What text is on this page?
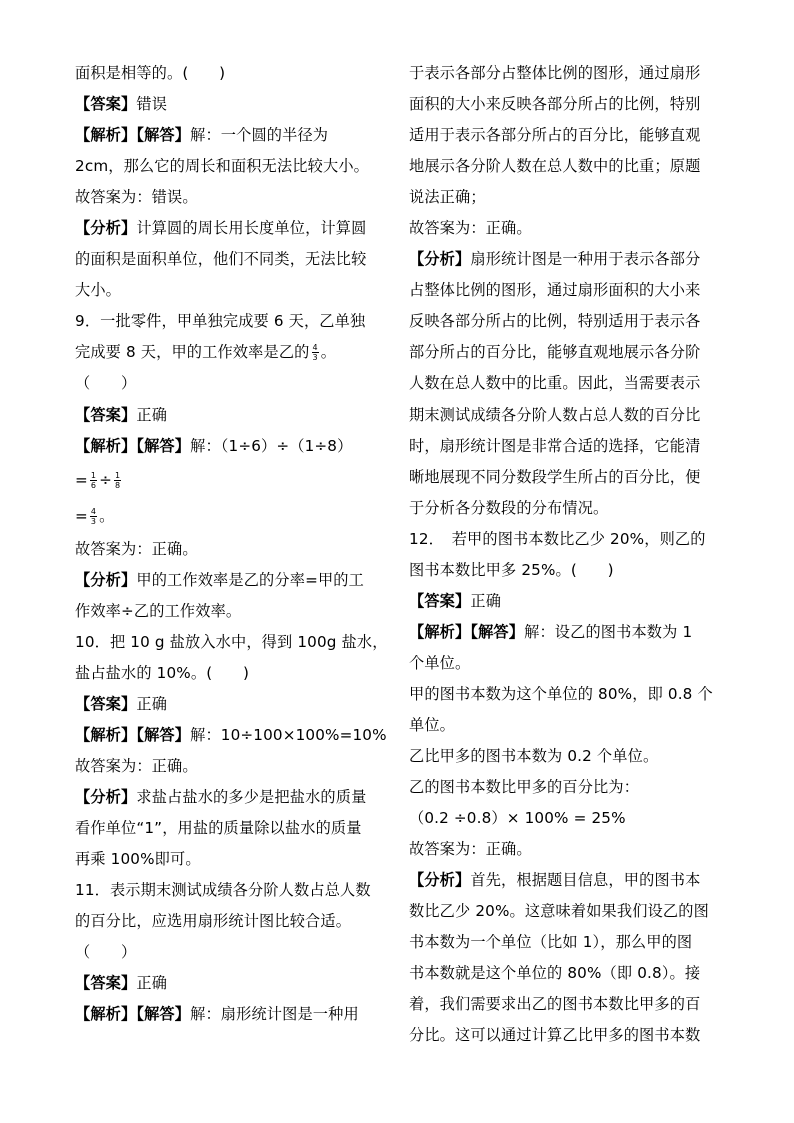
面积是相等的。(　　)
【答案】错误
【解析】【解答】解：一个圆的半径为
2cm，那么它的周长和面积无法比较大小。
故答案为：错误。
【分析】计算圆的周长用长度单位，计算圆
的面积是面积单位，他们不同类，无法比较
大小。
9．一批零件，甲单独完成要 6 天，乙单独
完成要 8 天，甲的工作效率是乙的 $\frac{4}{3}$ 。
（　　）
【答案】正确
【解析】【解答】解：（1÷6）÷（1÷8）
= $\frac{1}{6} \div \frac{1}{8}$
= $\frac{4}{3}$ 。
故答案为：正确。
【分析】甲的工作效率是乙的分率=甲的工
作效率÷乙的工作效率。
10．把 10 g 盐放入水中，得到 100g 盐水，
盐占盐水的 10%。(　　)
【答案】正确
【解析】【解答】解：10÷100×100%=10%
故答案为：正确。
【分析】求盐占盐水的多少是把盐水的质量
看作单位“1”，用盐的质量除以盐水的质量
再乘 100%即可。
11．表示期末测试成绩各分阶人数占总人数
的百分比，应选用扇形统计图比较合适。
（　　）
【答案】正确
【解析】【解答】解：扇形统计图是一种用
于表示各部分占整体比例的图形，通过扇形
面积的大小来反映各部分所占的比例，特别
适用于表示各部分所占的百分比，能够直观
地展示各分阶人数在总人数中的比重；原题
说法正确；
故答案为：正确。
【分析】扇形统计图是一种用于表示各部分
占整体比例的图形，通过扇形面积的大小来
反映各部分所占的比例，特别适用于表示各
部分所占的百分比，能够直观地展示各分阶
人数在总人数中的比重。因此，当需要表示
期末测试成绩各分阶人数占总人数的百分比
时，扇形统计图是非常合适的选择，它能清
晰地展现不同分数段学生所占的百分比，便
于分析各分数段的分布情况。
12．　若甲的图书本数比乙少 20%，则乙的
图书本数比甲多 25%。(　　)
【答案】正确
【解析】【解答】解：设乙的图书本数为 1
个单位。
甲的图书本数为这个单位的 80%，即 0.8 个
单位。
乙比甲多的图书本数为 0.2 个单位。
乙的图书本数比甲多的百分比为：
（0.2 ÷0.8）× 100% = 25%
故答案为：正确。
【分析】首先，根据题目信息，甲的图书本
数比乙少 20%。这意味着如果我们设乙的图
书本数为一个单位（比如 1），那么甲的图
书本数就是这个单位的 80%（即 0.8）。接
着，我们需要求出乙的图书本数比甲多的百
分比。这可以通过计算乙比甲多的图书本数
